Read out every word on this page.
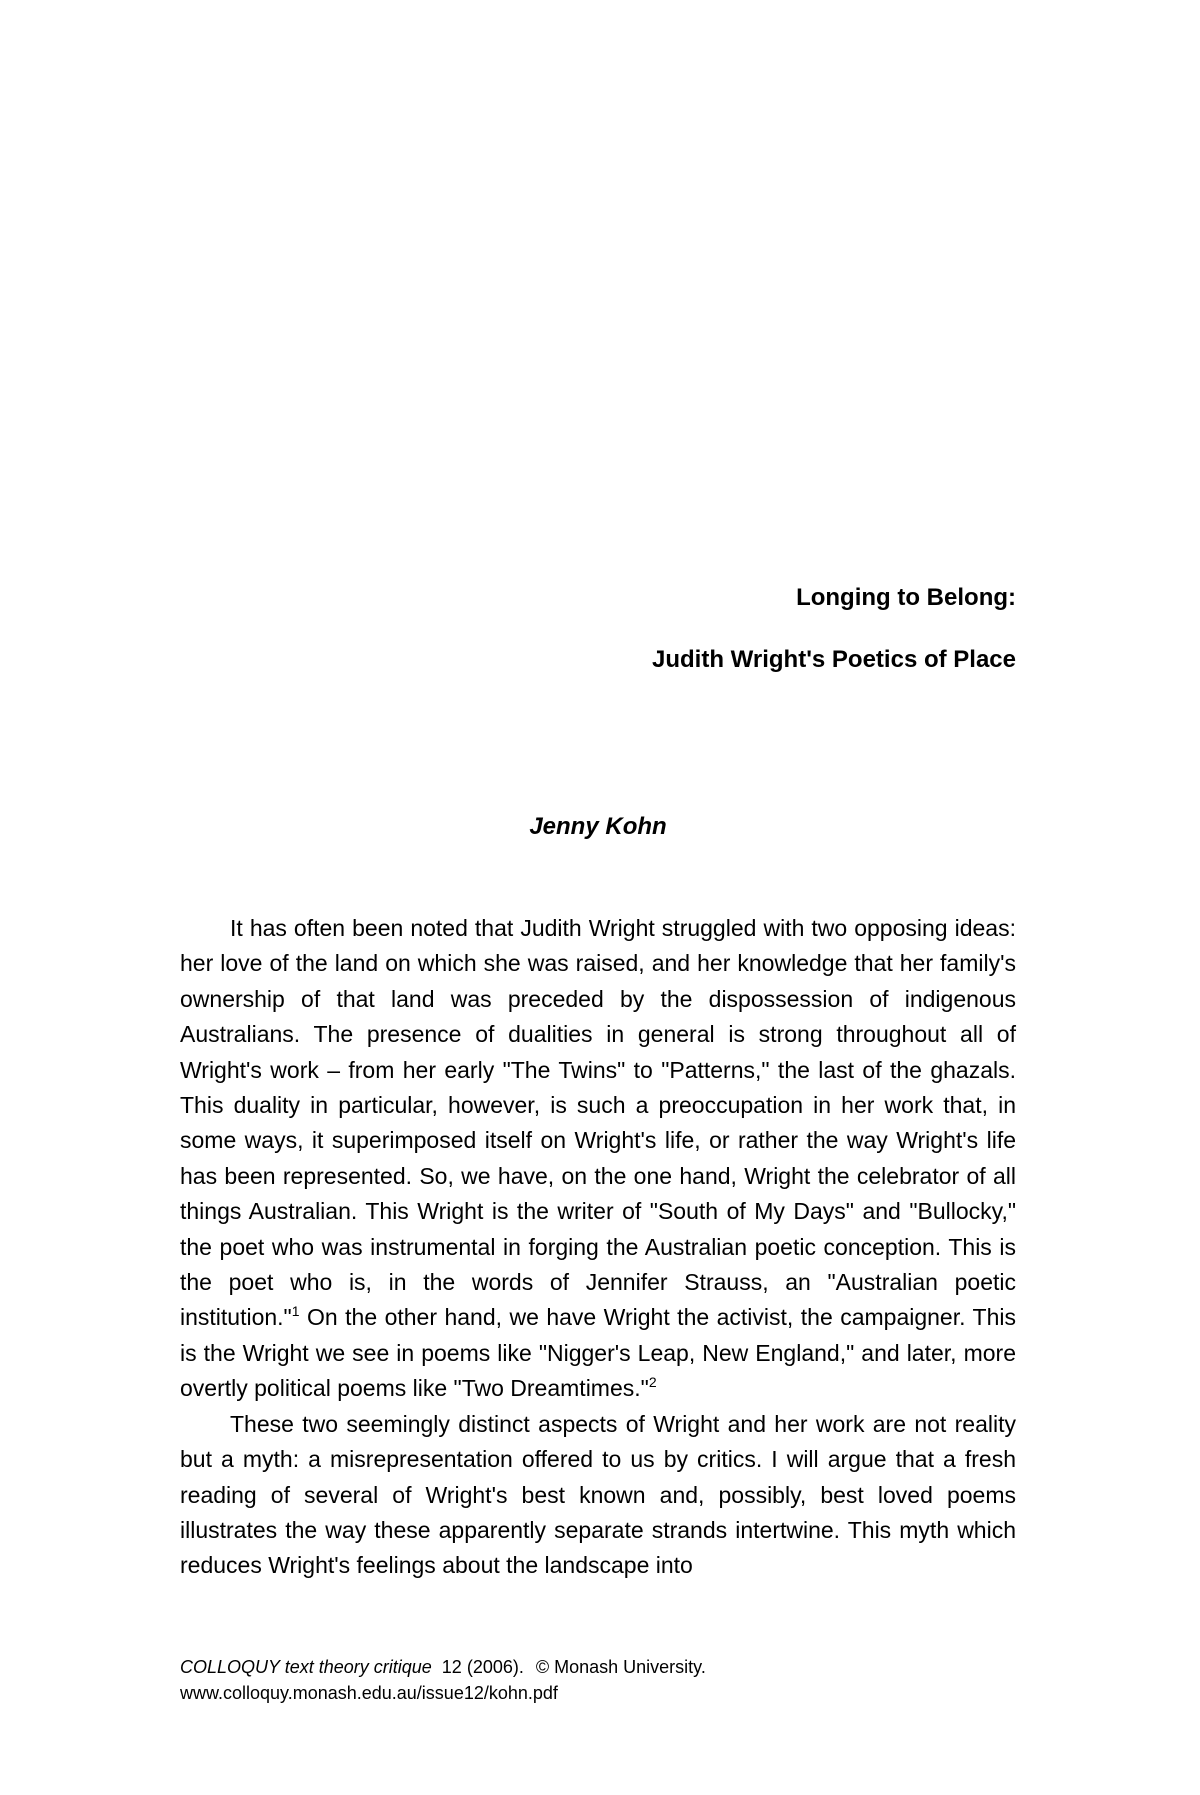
Longing to Belong:
Judith Wright's Poetics of Place
Jenny Kohn

It has often been noted that Judith Wright struggled with two opposing ideas: her love of the land on which she was raised, and her knowledge that her family's ownership of that land was preceded by the dispossession of indigenous Australians. The presence of dualities in general is strong throughout all of Wright's work – from her early "The Twins" to "Patterns," the last of the ghazals. This duality in particular, however, is such a preoccupation in her work that, in some ways, it superimposed itself on Wright's life, or rather the way Wright's life has been represented. So, we have, on the one hand, Wright the celebrator of all things Australian. This Wright is the writer of "South of My Days" and "Bullocky," the poet who was instrumental in forging the Australian poetic conception. This is the poet who is, in the words of Jennifer Strauss, an "Australian poetic institution."$^1$ On the other hand, we have Wright the activist, the campaigner. This is the Wright we see in poems like "Nigger's Leap, New England," and later, more overtly political poems like "Two Dreamtimes."$^2$

These two seemingly distinct aspects of Wright and her work are not reality but a myth: a misrepresentation offered to us by critics. I will argue that a fresh reading of several of Wright's best known and, possibly, best loved poems illustrates the way these apparently separate strands intertwine. This myth which reduces Wright's feelings about the landscape into

COLLOQUY text theory critique 12 (2006). © Monash University.
www.colloquy.monash.edu.au/issue12/kohn.pdf
